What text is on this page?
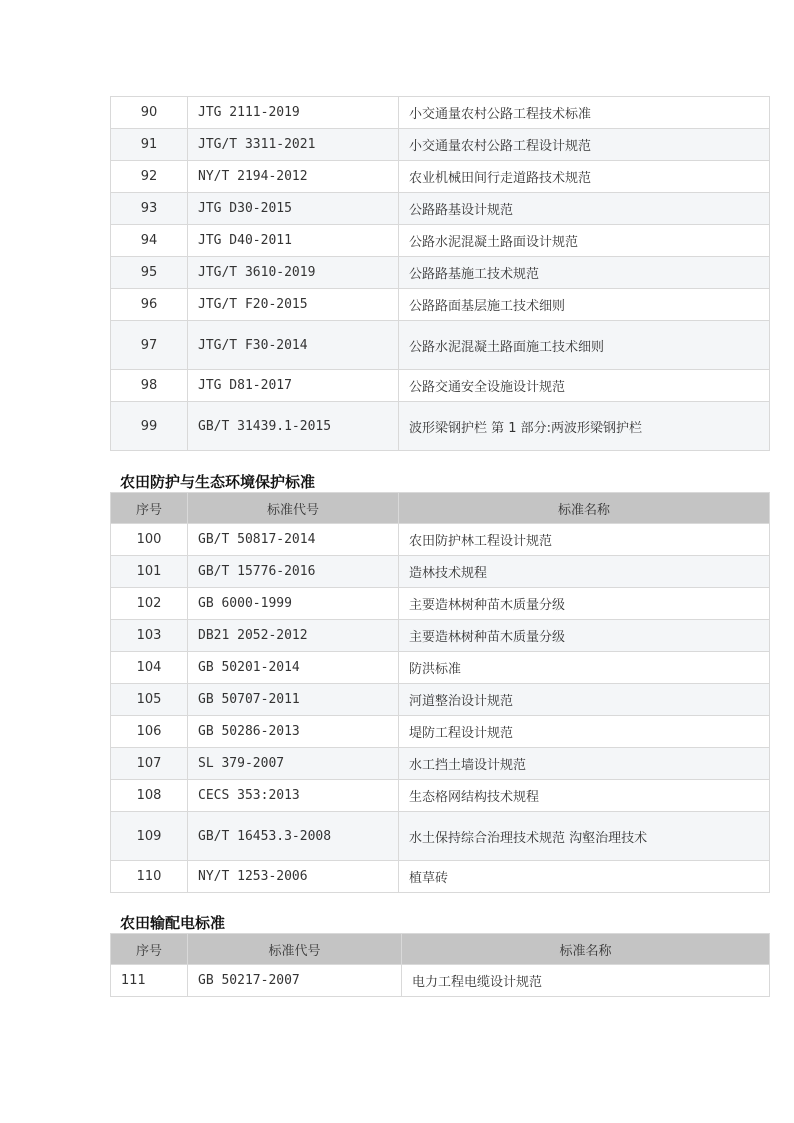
90	JTG 2111-2019	小交通量农村公路工程技术标准
91	JTG/T 3311-2021	小交通量农村公路工程设计规范
92	NY/T 2194-2012	农业机械田间行走道路技术规范
93	JTG D30-2015	公路路基设计规范
94	JTG D40-2011	公路水泥混凝土路面设计规范
95	JTG/T 3610-2019	公路路基施工技术规范
96	JTG/T F20-2015	公路路面基层施工技术细则
97	JTG/T F30-2014	公路水泥混凝土路面施工技术细则
98	JTG D81-2017	公路交通安全设施设计规范
99	GB/T 31439.1-2015	波形梁钢护栏 第 1 部分:两波形梁钢护栏
农田防护与生态环境保护标准
序号	标准代号	标准名称
100	GB/T 50817-2014	农田防护林工程设计规范
101	GB/T 15776-2016	造林技术规程
102	GB 6000-1999	主要造林树种苗木质量分级
103	DB21 2052-2012	主要造林树种苗木质量分级
104	GB 50201-2014	防洪标准
105	GB 50707-2011	河道整治设计规范
106	GB 50286-2013	堤防工程设计规范
107	SL 379-2007	水工挡土墙设计规范
108	CECS 353:2013	生态格网结构技术规程
109	GB/T 16453.3-2008	水土保持综合治理技术规范 沟壑治理技术
110	NY/T 1253-2006	植草砖
农田输配电标准
序号	标准代号	标准名称
111	GB 50217-2007	电力工程电缆设计规范
